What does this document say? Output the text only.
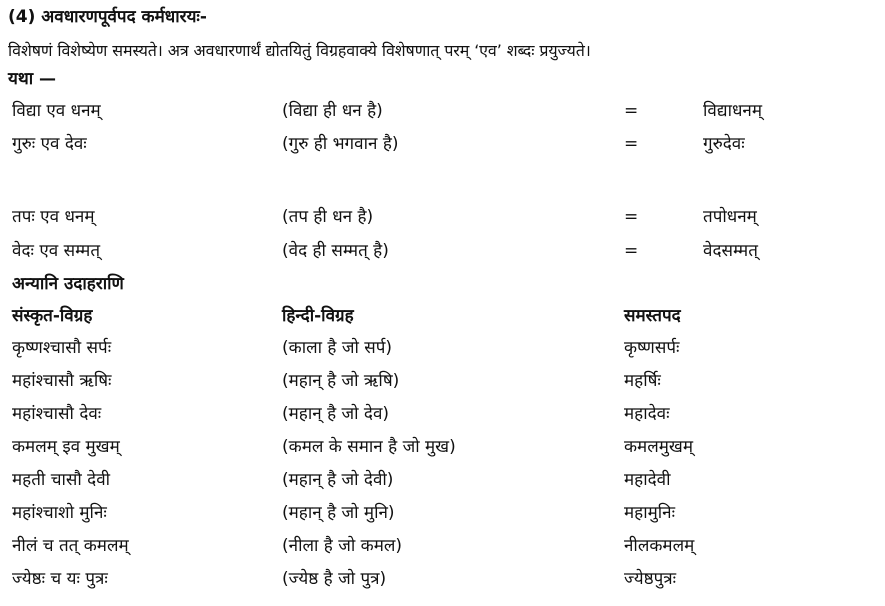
(4) अवधारणपूर्वपद कर्मधारयः-
विशेषणं विशेष्येण समस्यते। अत्र अवधारणार्थं द्योतयितुं विग्रहवाक्ये विशेषणात् परम् ‘एव’ शब्दः प्रयुज्यते।
यथा —
विद्या एव धनम्	(विद्या ही धन है)	=	विद्याधनम्
गुरुः एव देवः	(गुरु ही भगवान है)	=	गुरुदेवः
तपः एव धनम्	(तप ही धन है)	=	तपोधनम्
वेदः एव सम्मत्	(वेद ही सम्मत् है)	=	वेदसम्मत्
अन्यानि उदाहराणि
संस्कृत-विग्रह	हिन्दी-विग्रह	समस्तपद
कृष्णश्चासौ सर्पः	(काला है जो सर्प)	कृष्णसर्पः
महांश्चासौ ऋषिः	(महान् है जो ऋषि)	महर्षिः
महांश्चासौ देवः	(महान् है जो देव)	महादेवः
कमलम् इव मुखम्	(कमल के समान है जो मुख)	कमलमुखम्
महती चासौ देवी	(महान् है जो देवी)	महादेवी
महांश्चाशो मुनिः	(महान् है जो मुनि)	महामुनिः
नीलं च तत् कमलम्	(नीला है जो कमल)	नीलकमलम्
ज्येष्ठः च यः पुत्रः	(ज्येष्ठ है जो पुत्र)	ज्येष्ठपुत्रः
